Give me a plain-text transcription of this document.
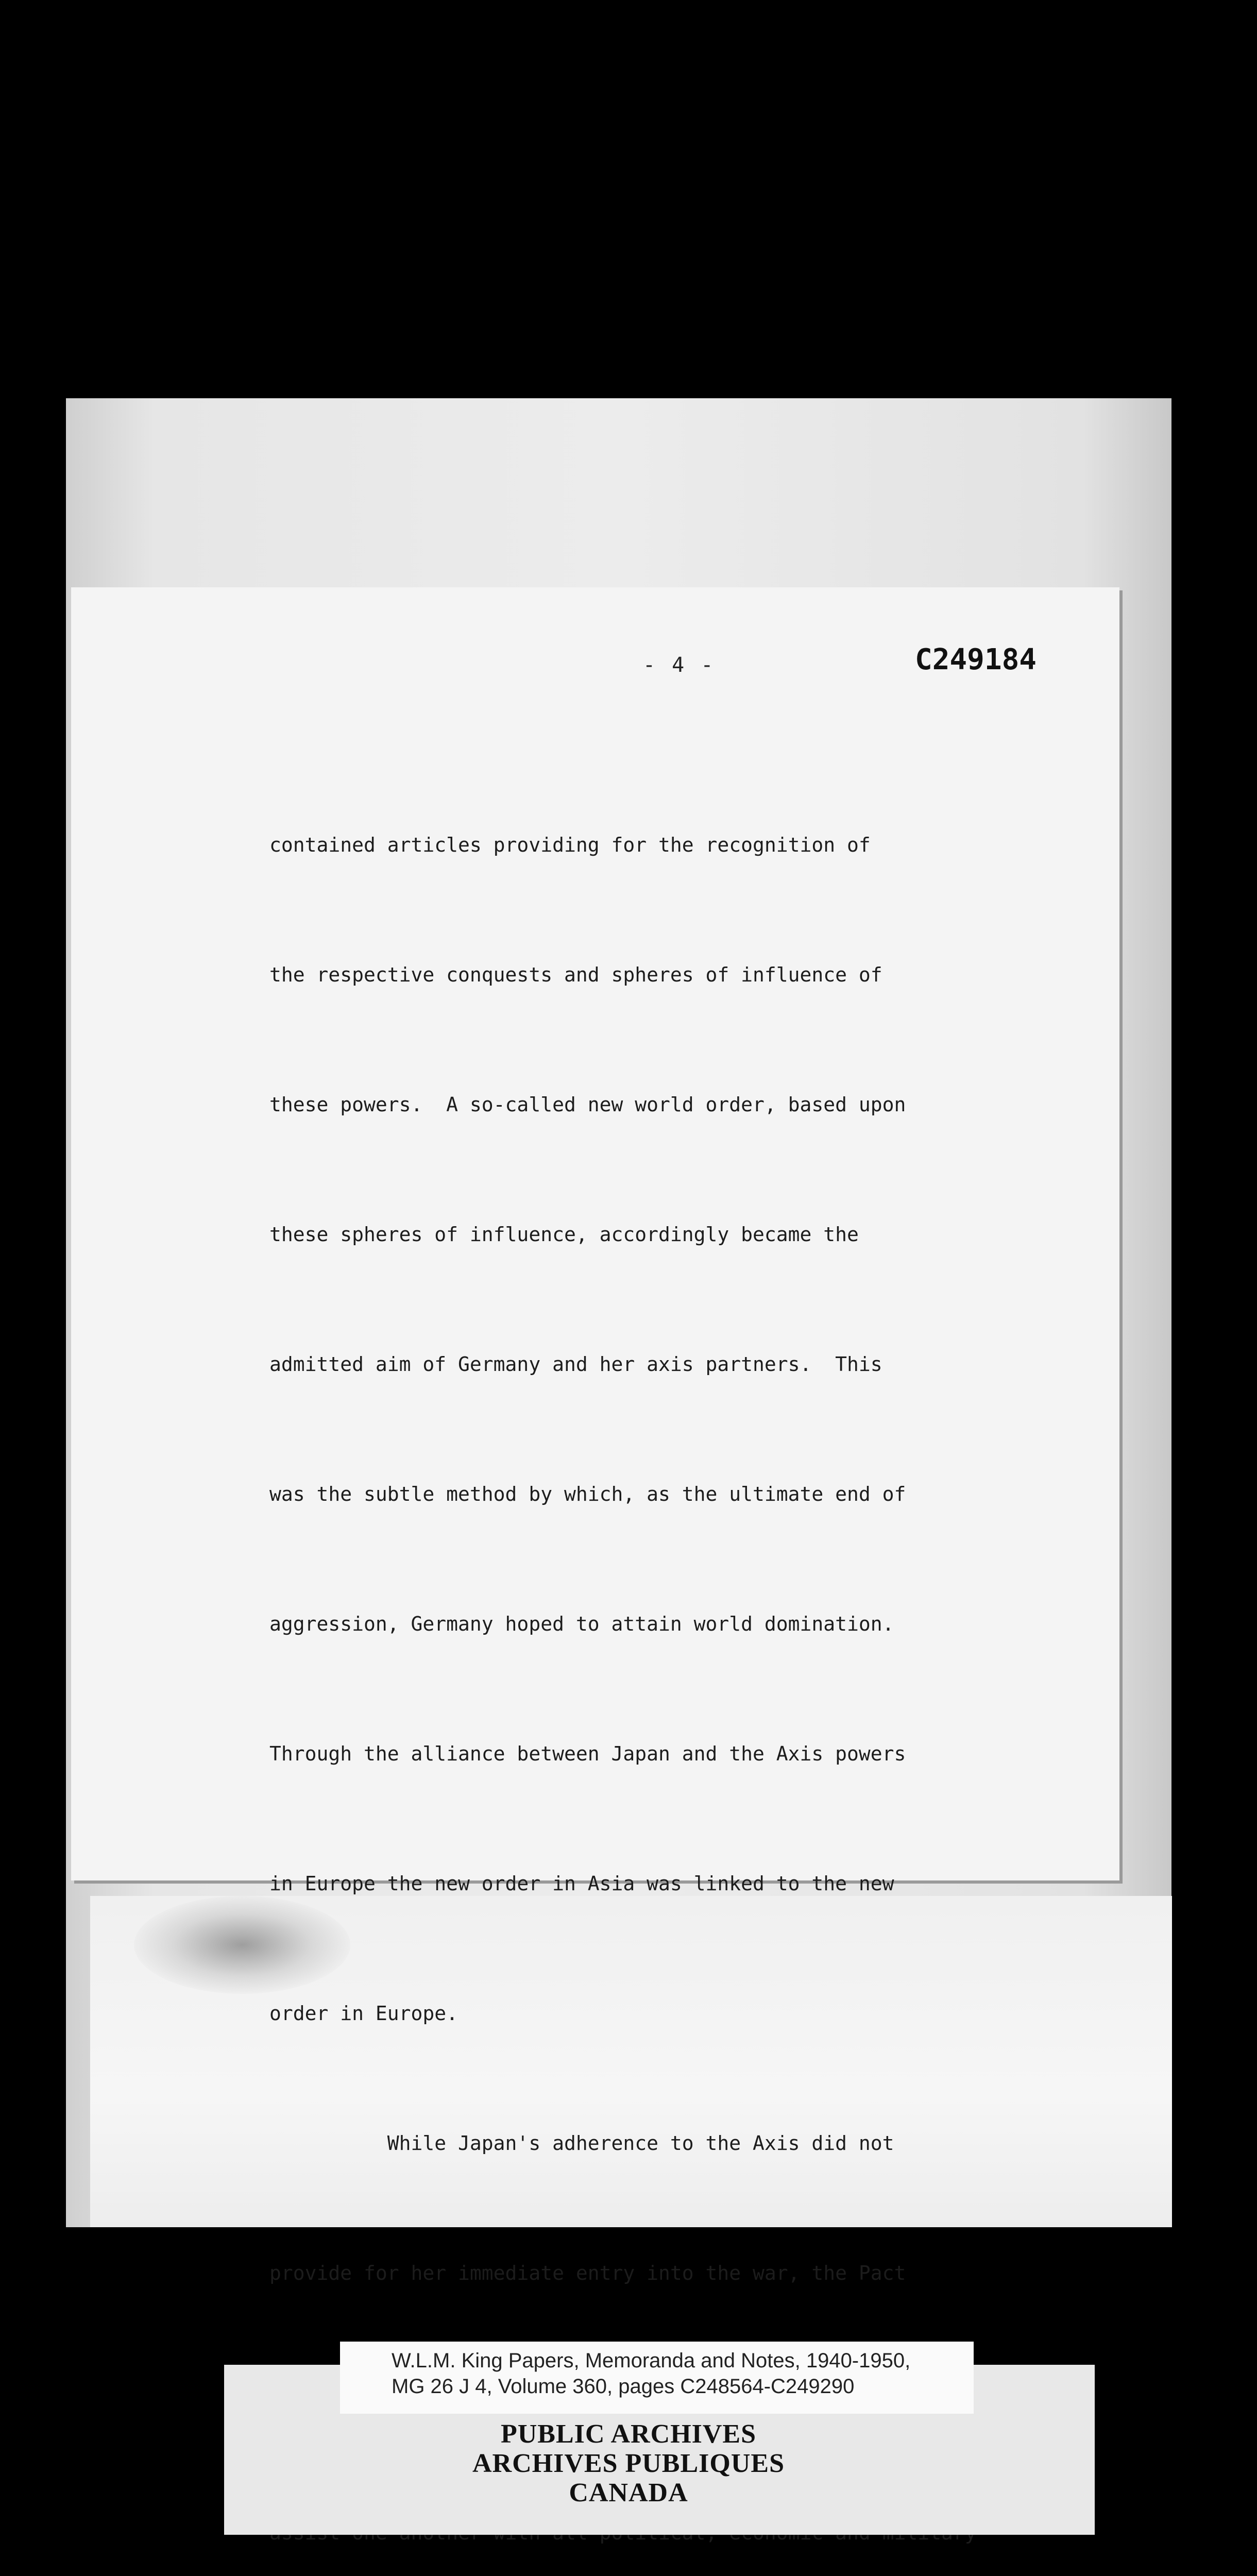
- 4 -	C249184

contained articles providing for the recognition of

the respective conquests and spheres of influence of

these powers.  A so-called new world order, based upon

these spheres of influence, accordingly became the

admitted aim of Germany and her axis partners.  This

was the subtle method by which, as the ultimate end of

aggression, Germany hoped to attain world domination.

Through the alliance between Japan and the Axis powers

in Europe the new order in Asia was linked to the new

order in Europe.

While Japan's adherence to the Axis did not

provide for her immediate entry into the war, the Pact

W.L.M. King Papers, Memoranda and Notes, 1940-1950,
MG 26 J 4, Volume 360, pages C248564-C249290
PUBLIC ARCHIVES
ARCHIVES PUBLIQUES
CANADA
